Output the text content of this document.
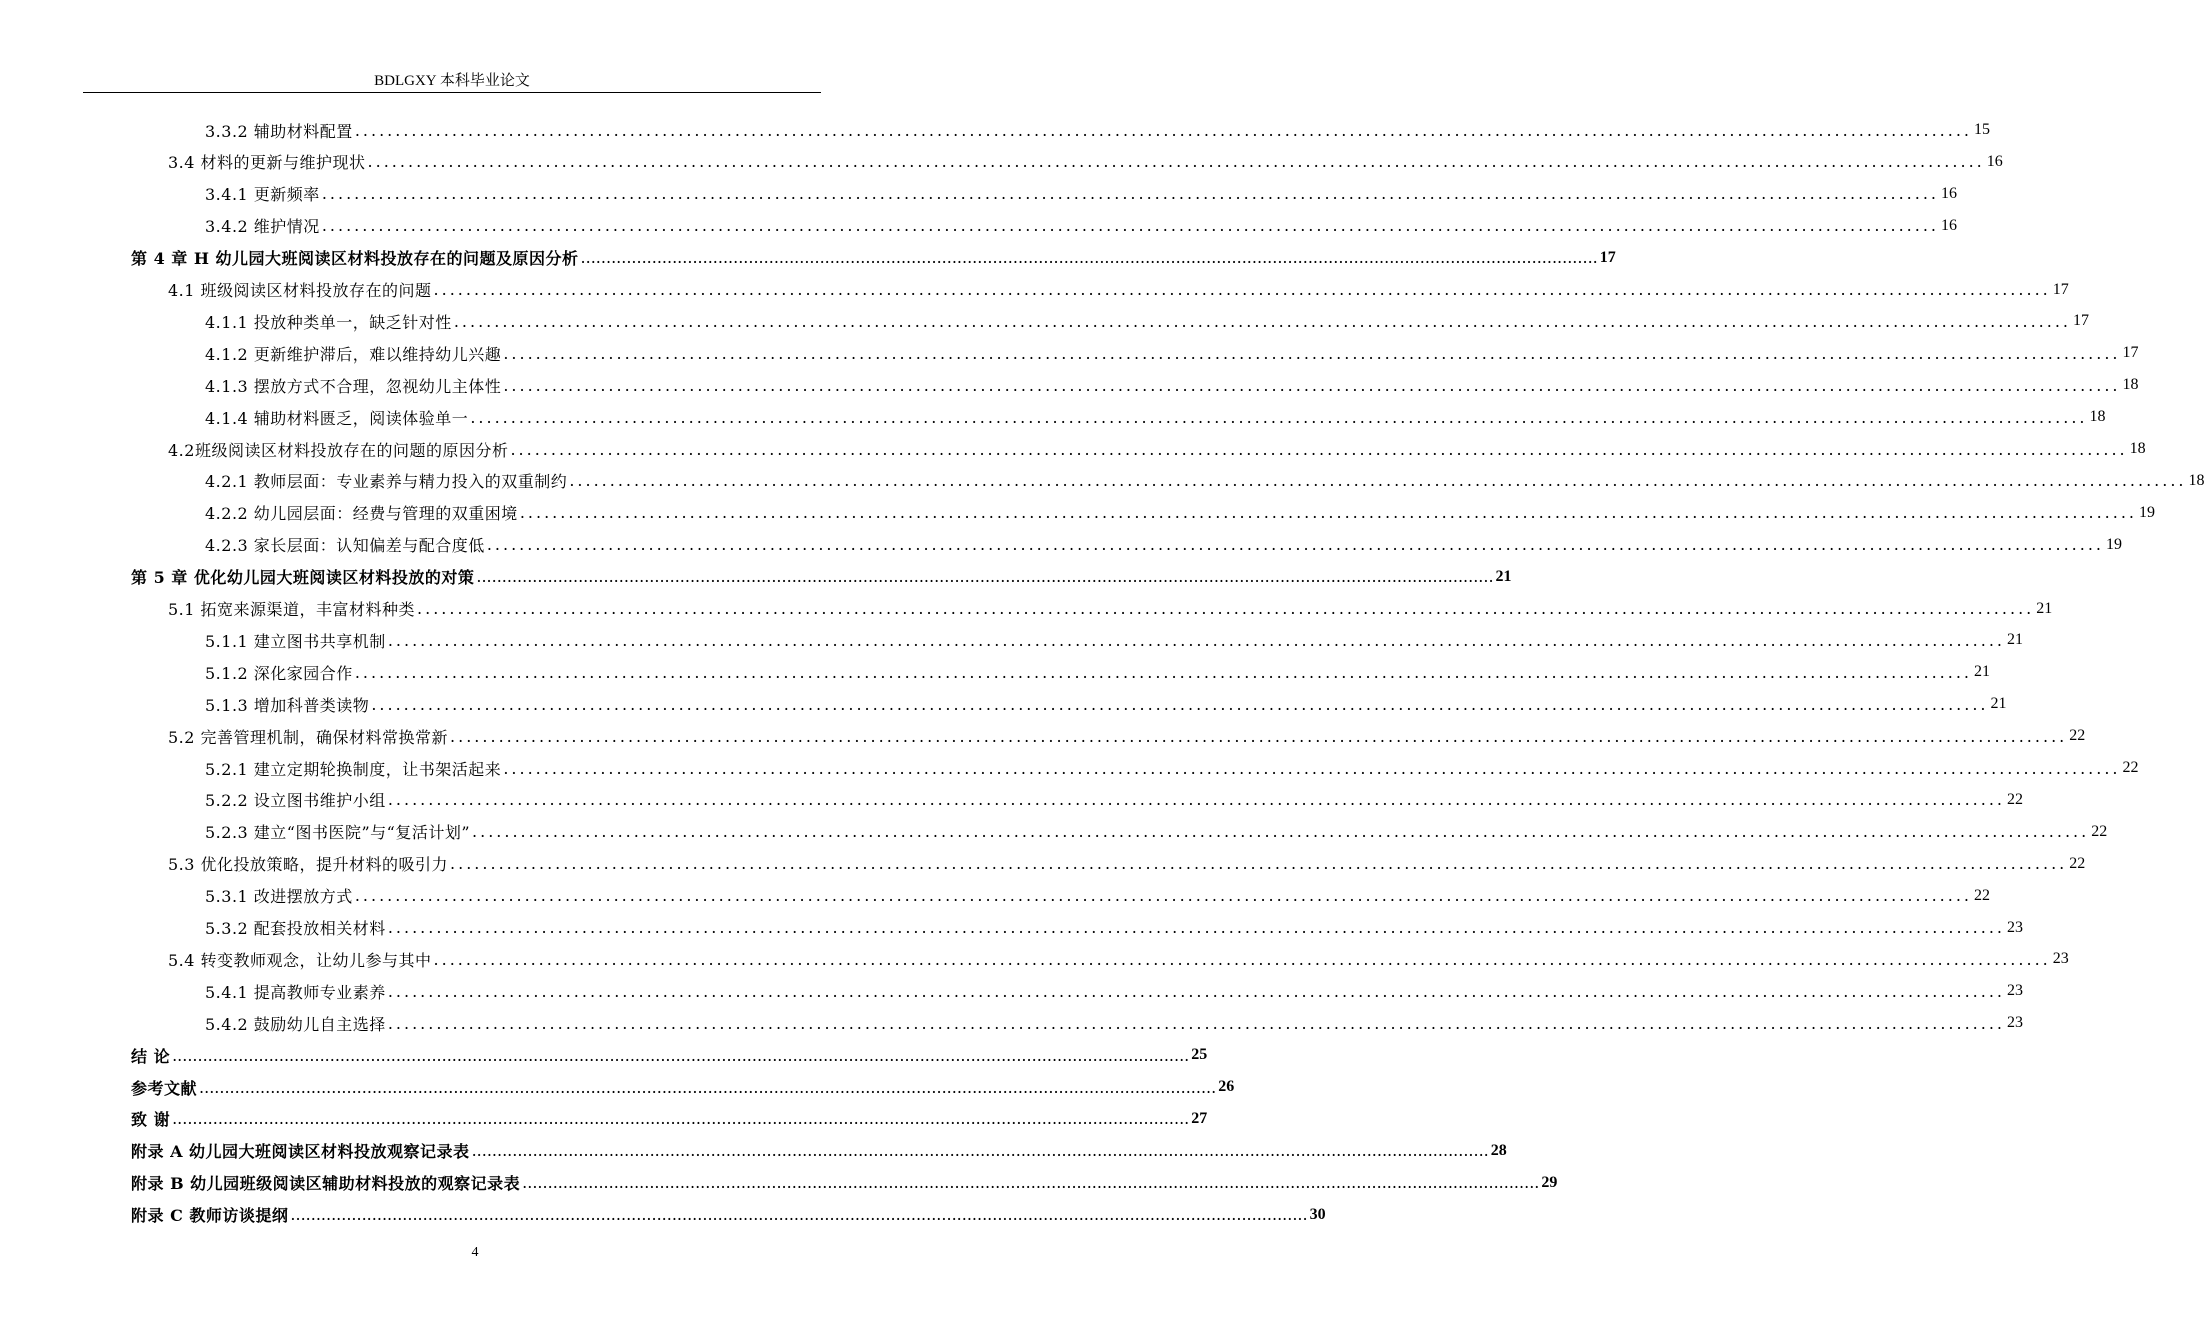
BDLGXY 本科毕业论文
3.3.2 辅助材料配置 ........................................................................................................................................................................................................ 15
3.4 材料的更新与维护现状 ........................................................................................................................................................................................................ 16
3.4.1 更新频率 ........................................................................................................................................................................................................ 16
3.4.2 维护情况 ........................................................................................................................................................................................................ 16
第 4 章 H 幼儿园大班阅读区材料投放存在的问题及原因分析 ........................................................................................................................................................................................................ 17
4.1 班级阅读区材料投放存在的问题 ........................................................................................................................................................................................................ 17
4.1.1 投放种类单一，缺乏针对性 ........................................................................................................................................................................................................ 17
4.1.2 更新维护滞后，难以维持幼儿兴趣 ........................................................................................................................................................................................................ 17
4.1.3 摆放方式不合理，忽视幼儿主体性 ........................................................................................................................................................................................................ 18
4.1.4 辅助材料匮乏，阅读体验单一 ........................................................................................................................................................................................................ 18
4.2班级阅读区材料投放存在的问题的原因分析 ........................................................................................................................................................................................................ 18
4.2.1 教师层面：专业素养与精力投入的双重制约 ........................................................................................................................................................................................................ 18
4.2.2 幼儿园层面：经费与管理的双重困境 ........................................................................................................................................................................................................ 19
4.2.3 家长层面：认知偏差与配合度低 ........................................................................................................................................................................................................ 19
第 5 章 优化幼儿园大班阅读区材料投放的对策 ........................................................................................................................................................................................................ 21
5.1 拓宽来源渠道，丰富材料种类 ........................................................................................................................................................................................................ 21
5.1.1 建立图书共享机制 ........................................................................................................................................................................................................ 21
5.1.2 深化家园合作 ........................................................................................................................................................................................................ 21
5.1.3 增加科普类读物 ........................................................................................................................................................................................................ 21
5.2 完善管理机制，确保材料常换常新 ........................................................................................................................................................................................................ 22
5.2.1 建立定期轮换制度，让书架活起来 ........................................................................................................................................................................................................ 22
5.2.2 设立图书维护小组 ........................................................................................................................................................................................................ 22
5.2.3 建立“图书医院”与“复活计划” ........................................................................................................................................................................................................ 22
5.3 优化投放策略，提升材料的吸引力 ........................................................................................................................................................................................................ 22
5.3.1 改进摆放方式 ........................................................................................................................................................................................................ 22
5.3.2 配套投放相关材料 ........................................................................................................................................................................................................ 23
5.4 转变教师观念，让幼儿参与其中 ........................................................................................................................................................................................................ 23
5.4.1 提高教师专业素养 ........................................................................................................................................................................................................ 23
5.4.2 鼓励幼儿自主选择 ........................................................................................................................................................................................................ 23
结 论 ........................................................................................................................................................................................................ 25
参考文献 ........................................................................................................................................................................................................ 26
致 谢 ........................................................................................................................................................................................................ 27
附录 A 幼儿园大班阅读区材料投放观察记录表 ........................................................................................................................................................................................................ 28
附录 B 幼儿园班级阅读区辅助材料投放的观察记录表 ........................................................................................................................................................................................................ 29
附录 C 教师访谈提纲 ........................................................................................................................................................................................................ 30
4
